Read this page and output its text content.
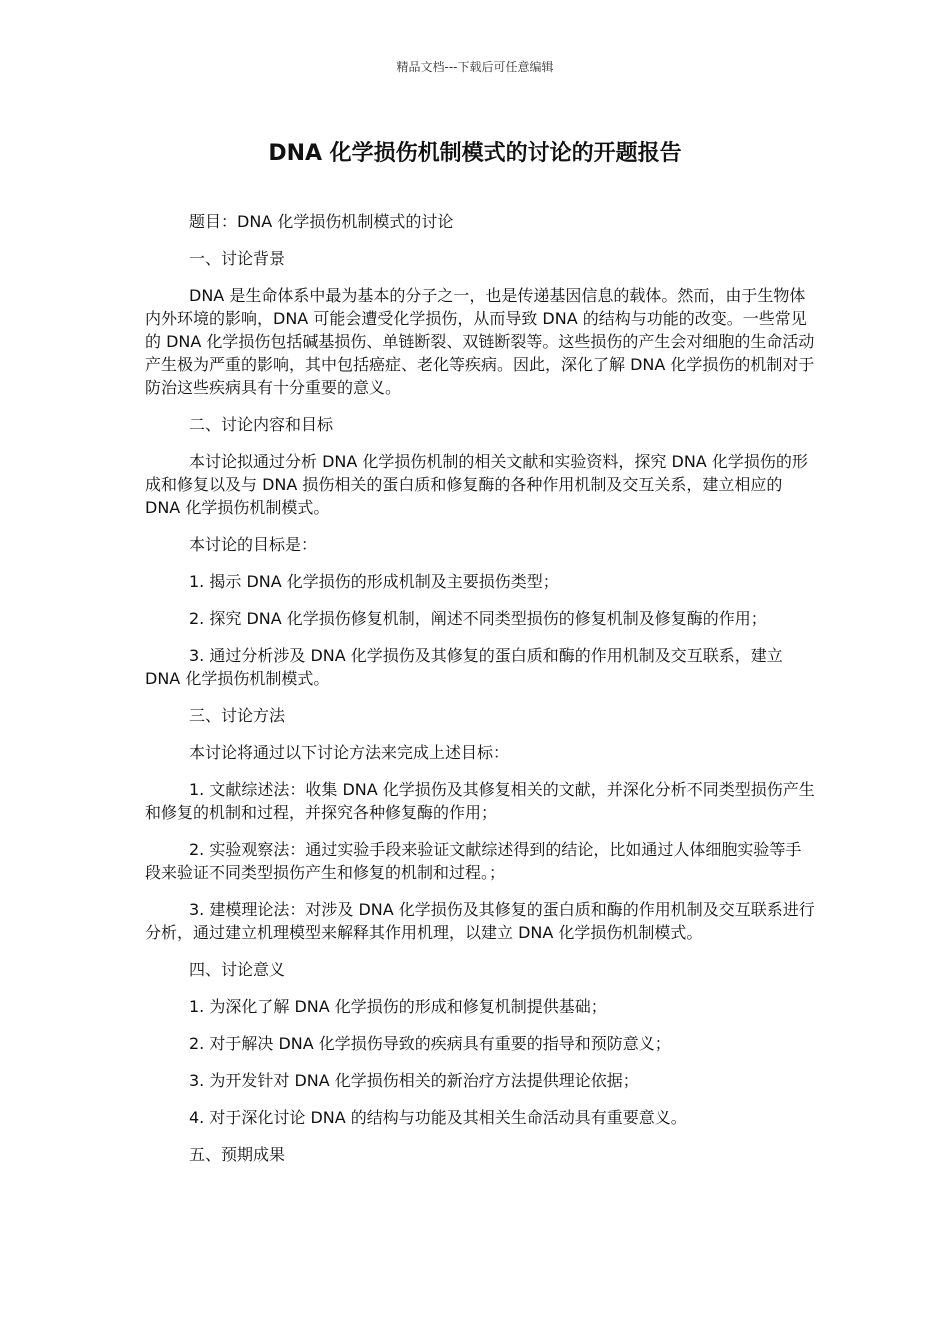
精品文档---下载后可任意编辑
DNA 化学损伤机制模式的讨论的开题报告

题目：DNA 化学损伤机制模式的讨论

一、讨论背景

DNA 是生命体系中最为基本的分子之一，也是传递基因信息的载体。然而，由于生物体内外环境的影响，DNA 可能会遭受化学损伤，从而导致 DNA 的结构与功能的改变。一些常见的 DNA 化学损伤包括碱基损伤、单链断裂、双链断裂等。这些损伤的产生会对细胞的生命活动产生极为严重的影响，其中包括癌症、老化等疾病。因此，深化了解 DNA 化学损伤的机制对于防治这些疾病具有十分重要的意义。

二、讨论内容和目标

本讨论拟通过分析 DNA 化学损伤机制的相关文献和实验资料，探究 DNA 化学损伤的形成和修复以及与 DNA 损伤相关的蛋白质和修复酶的各种作用机制及交互关系，建立相应的 DNA 化学损伤机制模式。

本讨论的目标是：

1. 揭示 DNA 化学损伤的形成机制及主要损伤类型；

2. 探究 DNA 化学损伤修复机制，阐述不同类型损伤的修复机制及修复酶的作用；

3. 通过分析涉及 DNA 化学损伤及其修复的蛋白质和酶的作用机制及交互联系，建立 DNA 化学损伤机制模式。

三、讨论方法

本讨论将通过以下讨论方法来完成上述目标：

1. 文献综述法：收集 DNA 化学损伤及其修复相关的文献，并深化分析不同类型损伤产生和修复的机制和过程，并探究各种修复酶的作用；

2. 实验观察法：通过实验手段来验证文献综述得到的结论，比如通过人体细胞实验等手段来验证不同类型损伤产生和修复的机制和过程。；

3. 建模理论法：对涉及 DNA 化学损伤及其修复的蛋白质和酶的作用机制及交互联系进行分析，通过建立机理模型来解释其作用机理，以建立 DNA 化学损伤机制模式。

四、讨论意义

1. 为深化了解 DNA 化学损伤的形成和修复机制提供基础；

2. 对于解决 DNA 化学损伤导致的疾病具有重要的指导和预防意义；

3. 为开发针对 DNA 化学损伤相关的新治疗方法提供理论依据；

4. 对于深化讨论 DNA 的结构与功能及其相关生命活动具有重要意义。

五、预期成果
